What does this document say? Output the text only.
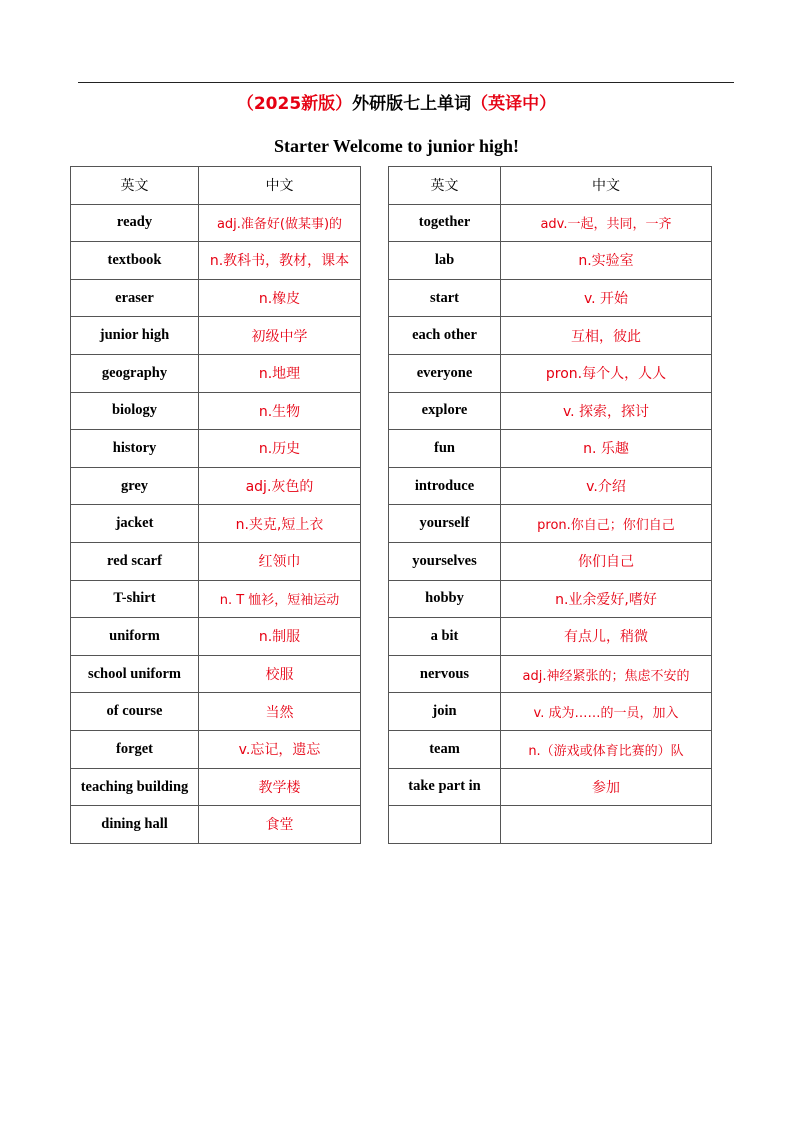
（2025新版）外研版七上单词（英译中）
Starter Welcome to junior high!
英文	中文		英文	中文
ready	adj.准备好(做某事)的		together	adv.一起，共同，一齐
textbook	n.教科书，教材，课本		lab	n.实验室
eraser	n.橡皮		start	v. 开始
junior high	初级中学		each other	互相，彼此
geography	n.地理		everyone	pron.每个人，人人
biology	n.生物		explore	v. 探索，探讨
history	n.历史		fun	n. 乐趣
grey	adj.灰色的		introduce	v.介绍
jacket	n.夹克,短上衣		yourself	pron.你自己；你们自己
red scarf	红领巾		yourselves	你们自己
T-shirt	n. T 恤衫，短袖运动		hobby	n.业余爱好,嗜好
uniform	n.制服		a bit	有点儿，稍微
school uniform	校服		nervous	adj.神经紧张的；焦虑不安的
of course	当然		join	v. 成为……的一员，加入
forget	v.忘记，遗忘		team	n.（游戏或体育比赛的）队
teaching building	教学楼		take part in	参加
dining hall	食堂			
